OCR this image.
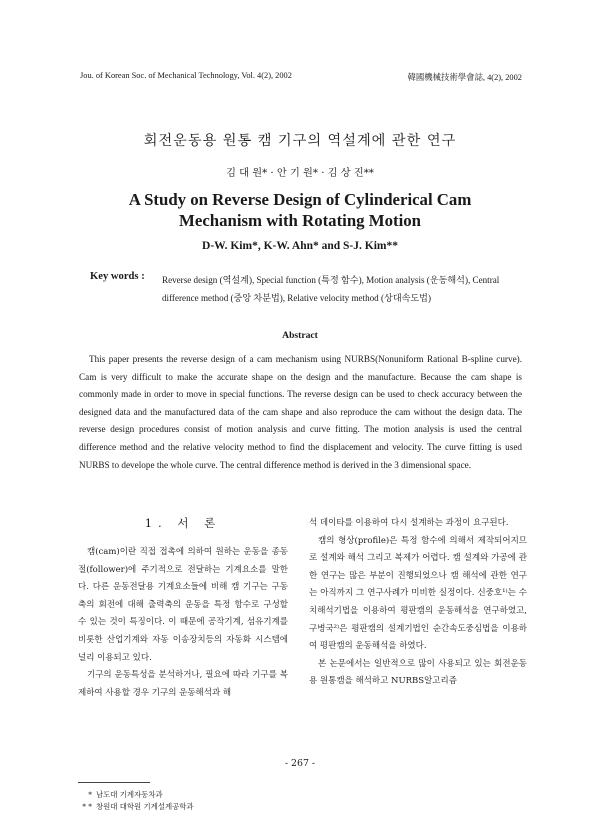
Jou. of Korean Soc. of Mechanical Technology, Vol. 4(2), 2002	韓國機械技術學會誌, 4(2), 2002
회전운동용 원통 캠 기구의 역설계에 관한 연구
김 대 원* · 안 기 원* · 김 상 진**
A Study on Reverse Design of Cylinderical Cam
Mechanism with Rotating Motion
D-W. Kim*, K-W. Ahn* and S-J. Kim**
Key words : Reverse design (역설계), Special function (특정 함수), Motion analysis (운동해석), Central difference method (중앙 차분법), Relative velocity method (상대속도법)
Abstract
This paper presents the reverse design of a cam mechanism using NURBS(Nonuniform Rational B-spline curve). Cam is very difficult to make the accurate shape on the design and the manufacture. Because the cam shape is commonly made in order to move in special functions. The reverse design can be used to check accuracy between the designed data and the manufactured data of the cam shape and also reproduce the cam without the design data. The reverse design procedures consist of motion analysis and curve fitting. The motion analysis is used the central difference method and the relative velocity method to find the displacement and velocity. The curve fitting is used NURBS to develope the whole curve. The central difference method is derived in the 3 dimensional space.
1. 서 론

캠(cam)이란 직접 접촉에 의하여 원하는 운동을 종동절(follower)에 주기적으로 전달하는 기계요소를 말한다. 다른 운동전달용 기계요소들에 비해 캠 기구는 구동축의 회전에 대해 출력축의 운동을 특정 함수로 구성할 수 있는 것이 특징이다. 이 때문에 공작기계, 섬유기계를 비롯한 산업기계와 자동 이송장치등의 자동화 시스템에 널리 이용되고 있다.

기구의 운동특성을 분석하거나, 필요에 따라 기구를 복제하여 사용할 경우 기구의 운동해석과 해

석 데이타를 이용하여 다시 설계하는 과정이 요구된다.

캠의 형상(profile)은 특정 함수에 의해서 제작되어지므로 설계와 해석 그리고 복제가 어렵다. 캠 설계와 가공에 관한 연구는 많은 부분이 진행되었으나 캠 해석에 관한 연구는 아직까지 그 연구사례가 미비한 실정이다. 신중호¹⁾는 수치해석기법을 이용하여 평판캠의 운동해석을 연구하였고, 구병국²⁾은 평판캠의 설계기법인 순간속도중심법을 이용하여 평판캠의 운동해석을 하였다.

본 논문에서는 일반적으로 많이 사용되고 있는 회전운동용 원통캠을 해석하고 NURBS알고리즘

- 267 -
* 남도대 기계자동차과
* * 창원대 대학원 기계설계공학과
